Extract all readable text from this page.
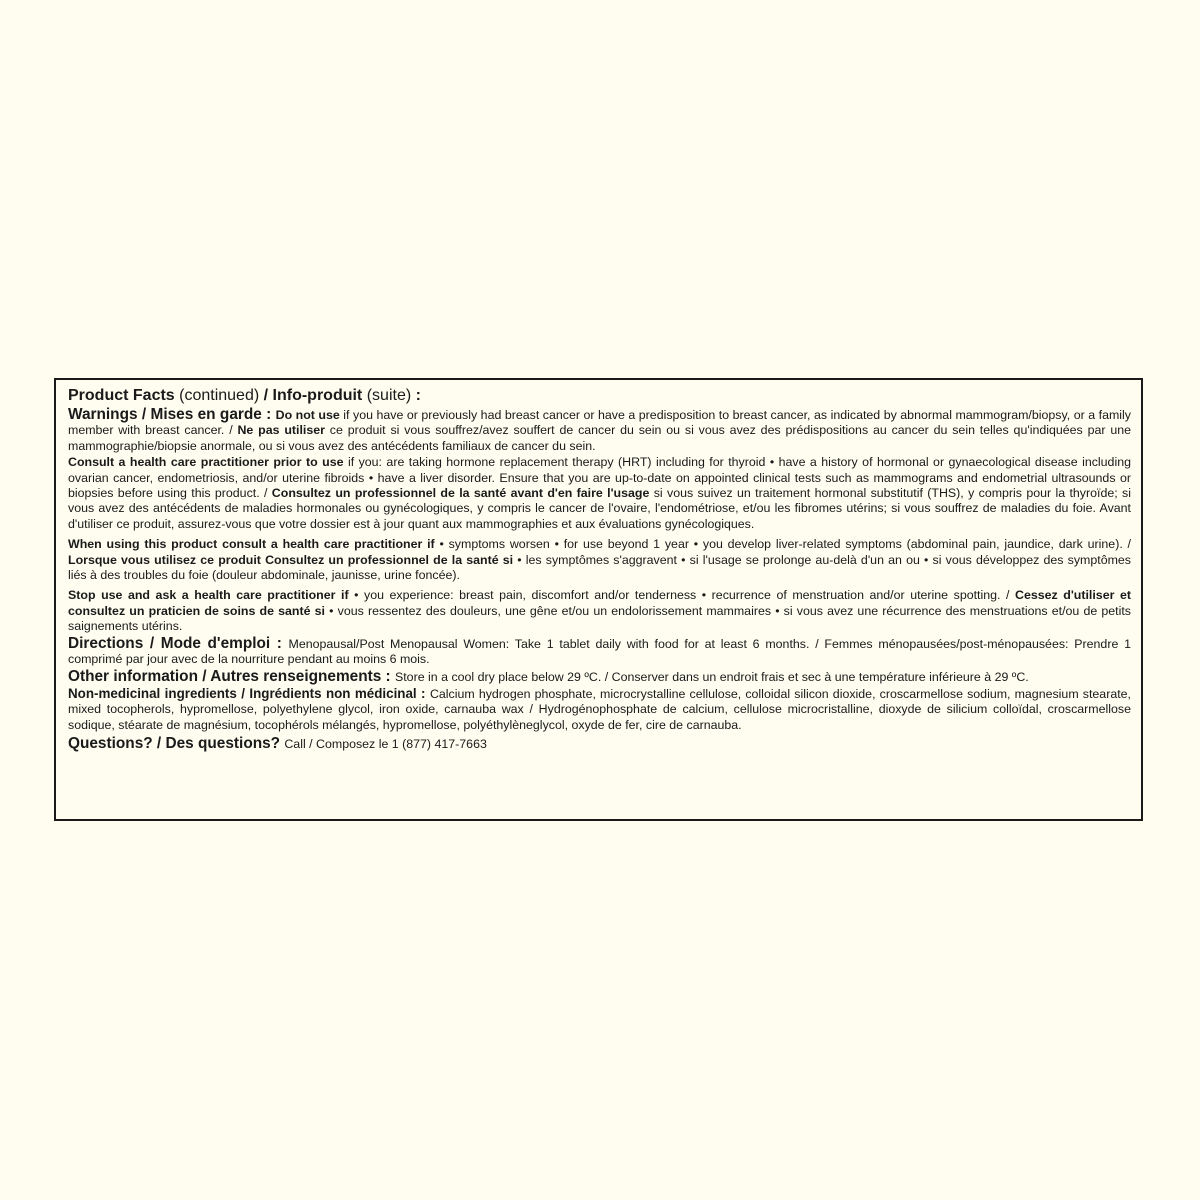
Product Facts (continued) / Info-produit (suite) :

Warnings / Mises en garde : Do not use if you have or previously had breast cancer or have a predisposition to breast cancer, as indicated by abnormal mammogram/biopsy, or a family member with breast cancer. / Ne pas utiliser ce produit si vous souffrez/avez souffert de cancer du sein ou si vous avez des prédispositions au cancer du sein telles qu'indiquées par une mammographie/biopsie anormale, ou si vous avez des antécédents familiaux de cancer du sein.

Consult a health care practitioner prior to use if you: are taking hormone replacement therapy (HRT) including for thyroid • have a history of hormonal or gynaecological disease including ovarian cancer, endometriosis, and/or uterine fibroids • have a liver disorder. Ensure that you are up-to-date on appointed clinical tests such as mammograms and endometrial ultrasounds or biopsies before using this product. / Consultez un professionnel de la santé avant d'en faire l'usage si vous suivez un traitement hormonal substitutif (THS), y compris pour la thyroïde; si vous avez des antécédents de maladies hormonales ou gynécologiques, y compris le cancer de l'ovaire, l'endométriose, et/ou les fibromes utérins; si vous souffrez de maladies du foie. Avant d'utiliser ce produit, assurez-vous que votre dossier est à jour quant aux mammographies et aux évaluations gynécologiques.

When using this product consult a health care practitioner if • symptoms worsen • for use beyond 1 year • you develop liver-related symptoms (abdominal pain, jaundice, dark urine). / Lorsque vous utilisez ce produit Consultez un professionnel de la santé si • les symptômes s'aggravent • si l'usage se prolonge au-delà d'un an ou • si vous développez des symptômes liés à des troubles du foie (douleur abdominale, jaunisse, urine foncée).

Stop use and ask a health care practitioner if • you experience: breast pain, discomfort and/or tenderness • recurrence of menstruation and/or uterine spotting. / Cessez d'utiliser et consultez un praticien de soins de santé si • vous ressentez des douleurs, une gêne et/ou un endolorissement mammaires • si vous avez une récurrence des menstruations et/ou de petits saignements utérins.

Directions / Mode d'emploi : Menopausal/Post Menopausal Women: Take 1 tablet daily with food for at least 6 months. / Femmes ménopausées/post-ménopausées: Prendre 1 comprimé par jour avec de la nourriture pendant au moins 6 mois.

Other information / Autres renseignements : Store in a cool dry place below 29 ºC. / Conserver dans un endroit frais et sec à une température inférieure à 29 ºC.

Non-medicinal ingredients / Ingrédients non médicinal : Calcium hydrogen phosphate, microcrystalline cellulose, colloidal silicon dioxide, croscarmellose sodium, magnesium stearate, mixed tocopherols, hypromellose, polyethylene glycol, iron oxide, carnauba wax / Hydrogénophosphate de calcium, cellulose microcristalline, dioxyde de silicium colloïdal, croscarmellose sodique, stéarate de magnésium, tocophérols mélangés, hypromellose, polyéthylèneglycol, oxyde de fer, cire de carnauba.

Questions? / Des questions? Call / Composez le 1 (877) 417-7663
